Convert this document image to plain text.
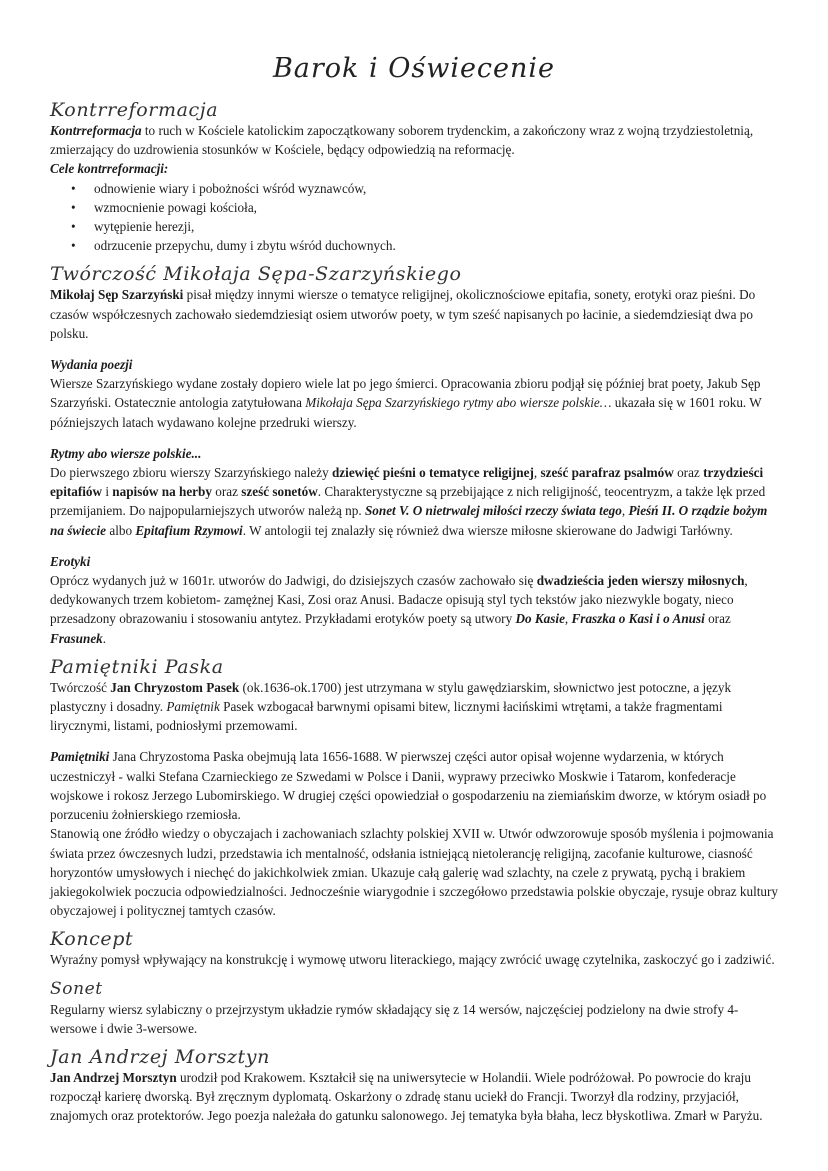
Barok i Oświecenie
Kontrreformacja

Kontrreformacja to ruch w Kościele katolickim zapoczątkowany soborem trydenckim, a zakończony wraz z wojną trzydziestoletnią, zmierzający do uzdrowienia stosunków w Kościele, będący odpowiedzią na reformację.

Cele kontrreformacji:

• odnowienie wiary i pobożności wśród wyznawców,
• wzmocnienie powagi kościoła,
• wytępienie herezji,
• odrzucenie przepychu, dumy i zbytu wśród duchownych.
Twórczość Mikołaja Sępa-Szarzyńskiego

Mikołaj Sęp Szarzyński pisał między innymi wiersze o tematyce religijnej, okolicznościowe epitafia, sonety, erotyki oraz pieśni. Do czasów współczesnych zachowało siedemdziesiąt osiem utworów poety, w tym sześć napisanych po łacinie, a siedemdziesiąt dwa po polsku.

Wydania poezji

Wiersze Szarzyńskiego wydane zostały dopiero wiele lat po jego śmierci. Opracowania zbioru podjął się później brat poety, Jakub Sęp Szarzyński. Ostatecznie antologia zatytułowana Mikołaja Sępa Szarzyńskiego rytmy abo wiersze polskie… ukazała się w 1601 roku. W późniejszych latach wydawano kolejne przedruki wierszy.

Rytmy abo wiersze polskie...

Do pierwszego zbioru wierszy Szarzyńskiego należy dziewięć pieśni o tematyce religijnej, sześć parafraz psalmów oraz trzydzieści epitafiów i napisów na herby oraz sześć sonetów. Charakterystyczne są przebijające z nich religijność, teocentryzm, a także lęk przed przemijaniem. Do najpopularniejszych utworów należą np. Sonet V. O nietrwalej miłości rzeczy świata tego, Pieśń II. O rządzie bożym na świecie albo Epitafium Rzymowi. W antologii tej znalazły się również dwa wiersze miłosne skierowane do Jadwigi Tarłówny.

Erotyki

Oprócz wydanych już w 1601r. utworów do Jadwigi, do dzisiejszych czasów zachowało się dwadzieścia jeden wierszy miłosnych, dedykowanych trzem kobietom- zamężnej Kasi, Zosi oraz Anusi. Badacze opisują styl tych tekstów jako niezwykle bogaty, nieco przesadzony obrazowaniu i stosowaniu antytez. Przykładami erotyków poety są utwory Do Kasie, Fraszka o Kasi i o Anusi oraz Frasunek.

Pamiętniki Paska

Twórczość Jan Chryzostom Pasek (ok.1636-ok.1700) jest utrzymana w stylu gawędziarskim, słownictwo jest potoczne, a język plastyczny i dosadny. Pamiętnik Pasek wzbogacał barwnymi opisami bitew, licznymi łacińskimi wtrętami, a także fragmentami lirycznymi, listami, podniosłymi przemowami.

Pamiętniki Jana Chryzostoma Paska obejmują lata 1656-1688. W pierwszej części autor opisał wojenne wydarzenia, w których uczestniczył - walki Stefana Czarnieckiego ze Szwedami w Polsce i Danii, wyprawy przeciwko Moskwie i Tatarom, konfederacje wojskowe i rokosz Jerzego Lubomirskiego. W drugiej części opowiedział o gospodarzeniu na ziemiańskim dworze, w którym osiadł po porzuceniu żołnierskiego rzemiosła.

Stanowią one źródło wiedzy o obyczajach i zachowaniach szlachty polskiej XVII w. Utwór odwzorowuje sposób myślenia i pojmowania świata przez ówczesnych ludzi, przedstawia ich mentalność, odsłania istniejącą nietolerancję religijną, zacofanie kulturowe, ciasność horyzontów umysłowych i niechęć do jakichkolwiek zmian. Ukazuje całą galerię wad szlachty, na czele z prywatą, pychą i brakiem jakiegokolwiek poczucia odpowiedzialności. Jednocześnie wiarygodnie i szczegółowo przedstawia polskie obyczaje, rysuje obraz kultury obyczajowej i politycznej tamtych czasów.

Koncept

Wyraźny pomysł wpływający na konstrukcję i wymowę utworu literackiego, mający zwrócić uwagę czytelnika, zaskoczyć go i zadziwić.

Sonet

Regularny wiersz sylabiczny o przejrzystym układzie rymów składający się z 14 wersów, najczęściej podzielony na dwie strofy 4-wersowe i dwie 3-wersowe.

Jan Andrzej Morsztyn

Jan Andrzej Morsztyn urodził pod Krakowem. Kształcił się na uniwersytecie w Holandii. Wiele podróżował. Po powrocie do kraju rozpoczął karierę dworską. Był zręcznym dyplomatą. Oskarżony o zdradę stanu uciekł do Francji. Tworzył dla rodziny, przyjaciół, znajomych oraz protektorów. Jego poezja należała do gatunku salonowego. Jej tematyka była błaha, lecz błyskotliwa. Zmarł w Paryżu.
